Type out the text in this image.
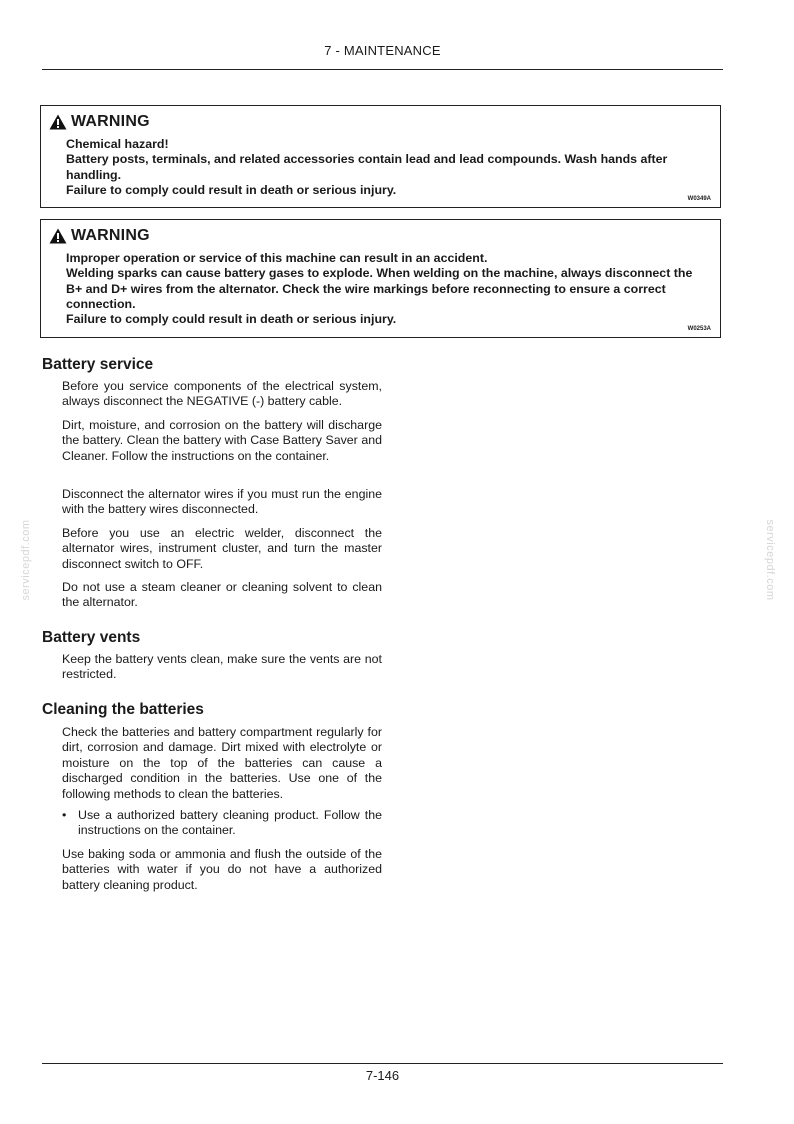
7 - MAINTENANCE
WARNING

Chemical hazard!

Battery posts, terminals, and related accessories contain lead and lead compounds. Wash hands after handling.

Failure to comply could result in death or serious injury.

W0349A
WARNING

Improper operation or service of this machine can result in an accident.

Welding sparks can cause battery gases to explode. When welding on the machine, always disconnect the B+ and D+ wires from the alternator. Check the wire markings before reconnecting to ensure a correct connection.

Failure to comply could result in death or serious injury.

W0253A
Battery service

Before you service components of the electrical system, always disconnect the NEGATIVE (-) battery cable.

Dirt, moisture, and corrosion on the battery will discharge the battery. Clean the battery with Case Battery Saver and Cleaner. Follow the instructions on the container.

Disconnect the alternator wires if you must run the engine with the battery wires disconnected.

Before you use an electric welder, disconnect the alternator wires, instrument cluster, and turn the master disconnect switch to OFF.

Do not use a steam cleaner or cleaning solvent to clean the alternator.

Battery vents

Keep the battery vents clean, make sure the vents are not restricted.

Cleaning the batteries

Check the batteries and battery compartment regularly for dirt, corrosion and damage. Dirt mixed with electrolyte or moisture on the top of the batteries can cause a discharged condition in the batteries. Use one of the following methods to clean the batteries.

• Use a authorized battery cleaning product. Follow the instructions on the container.

Use baking soda or ammonia and flush the outside of the batteries with water if you do not have a authorized battery cleaning product.

7-146
servicepdf.com	servicepdf.com
